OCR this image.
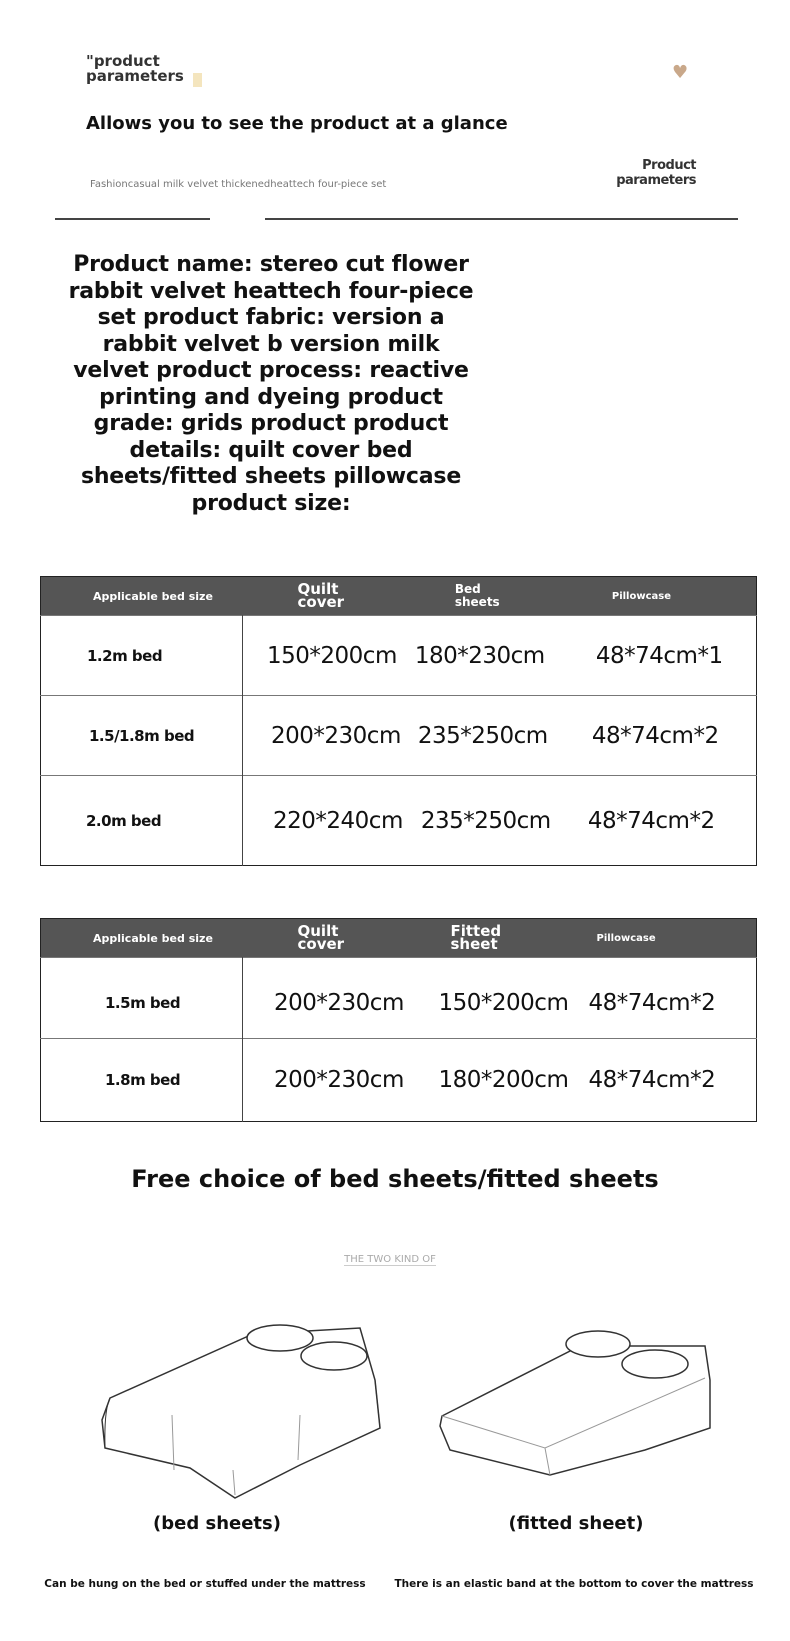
"product
parameters	♥
Allows you to see the product at a glance
Fashioncasual milk velvet thickenedheattech four-piece set
Product
parameters
Product name: stereo cut flower rabbit velvet heattech four-piece set product fabric: version a rabbit velvet b version milk velvet product process: reactive printing and dyeing product grade: grids product product details: quilt cover bed sheets/fitted sheets pillowcase product size:
Applicable bed size	Quilt cover	Bed sheets	Pillowcase
1.2m bed	150*200cm	180*230cm	48*74cm*1
1.5/1.8m bed	200*230cm	235*250cm	48*74cm*2
2.0m bed	220*240cm	235*250cm	48*74cm*2
Applicable bed size	Quilt cover	Fitted sheet	Pillowcase
1.5m bed	200*230cm	150*200cm	48*74cm*2
1.8m bed	200*230cm	180*200cm	48*74cm*2
Free choice of bed sheets/fitted sheets
THE TWO KIND OF
(bed sheets)	(fitted sheet)
Can be hung on the bed or stuffed under the mattress	There is an elastic band at the bottom to cover the mattress
